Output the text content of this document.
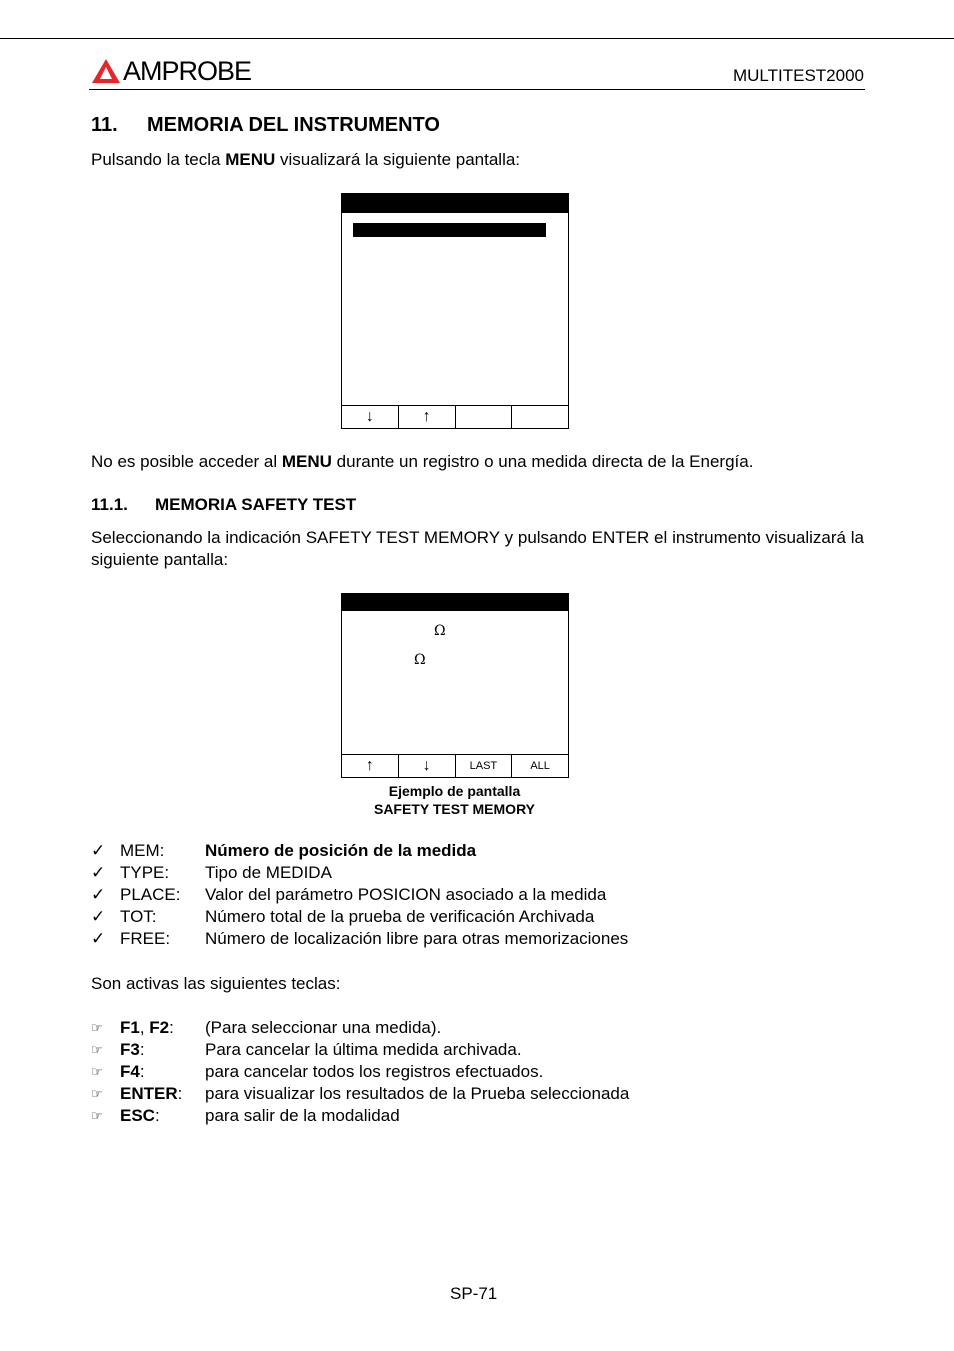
AMPROBE	MULTITEST2000
11. MEMORIA DEL INSTRUMENTO
Pulsando la tecla MENU visualizará la siguiente pantalla:
↓	↑
No es posible acceder al MENU durante un registro o una medida directa de la Energía.
11.1. MEMORIA SAFETY TEST
Seleccionando la indicación SAFETY TEST MEMORY y pulsando ENTER el instrumento visualizará la siguiente pantalla:
Ω
Ω
↑	↓	LAST	ALL
Ejemplo de pantalla
SAFETY TEST MEMORY
✓ MEM:	Número de posición de la medida
✓ TYPE:	Tipo de MEDIDA
✓ PLACE:	Valor del parámetro POSICION asociado a la medida
✓ TOT:	Número total de la prueba de verificación Archivada
✓ FREE:	Número de localización libre para otras memorizaciones
Son activas las siguientes teclas:
☞	F1, F2:	(Para seleccionar una medida).
☞	F3:	Para cancelar la última medida archivada.
☞	F4:	para cancelar todos los registros efectuados.
☞	ENTER:	para visualizar los resultados de la Prueba seleccionada
☞	ESC:	para salir de la modalidad
SP-71
